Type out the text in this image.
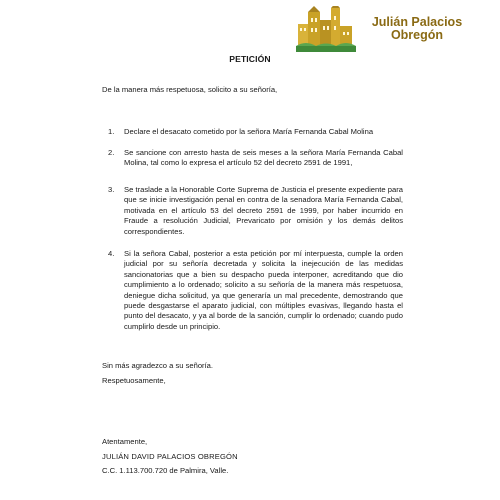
Julián Palacios
Obregón
PETICIÓN
De la manera más respetuosa, solicito a su señoría,
1.	Declare el desacato cometido por la señora María Fernanda Cabal Molina
2.	Se sancione con arresto hasta de seis meses a la señora María Fernanda Cabal Molina, tal como lo expresa el artículo 52 del decreto 2591 de 1991,
3.	Se traslade a la Honorable Corte Suprema de Justicia el presente expediente para que se inicie investigación penal en contra de la senadora María Fernanda Cabal, motivada en el artículo 53 del decreto 2591 de 1999, por haber incurrido en Fraude a resolución Judicial, Prevaricato por omisión y los demás delitos correspondientes.
4.	Si la señora Cabal, posterior a esta petición por mí interpuesta, cumple la orden judicial por su señoría decretada y solicita la inejecución de las medidas sancionatorias que a bien su despacho pueda interponer, acreditando que dio cumplimiento a lo ordenado; solicito a su señoría de la manera más respetuosa, deniegue dicha solicitud, ya que generaría un mal precedente, demostrando que puede desgastarse el aparato judicial, con múltiples evasivas, llegando hasta el punto del desacato, y ya al borde de la sanción, cumplir lo ordenado; cuando pudo cumplirlo desde un principio.
Sin más agradezco a su señoría.
Respetuosamente,
Atentamente,
JULIÁN DAVID PALACIOS OBREGÓN
C.C. 1.113.700.720 de Palmira, Valle.
